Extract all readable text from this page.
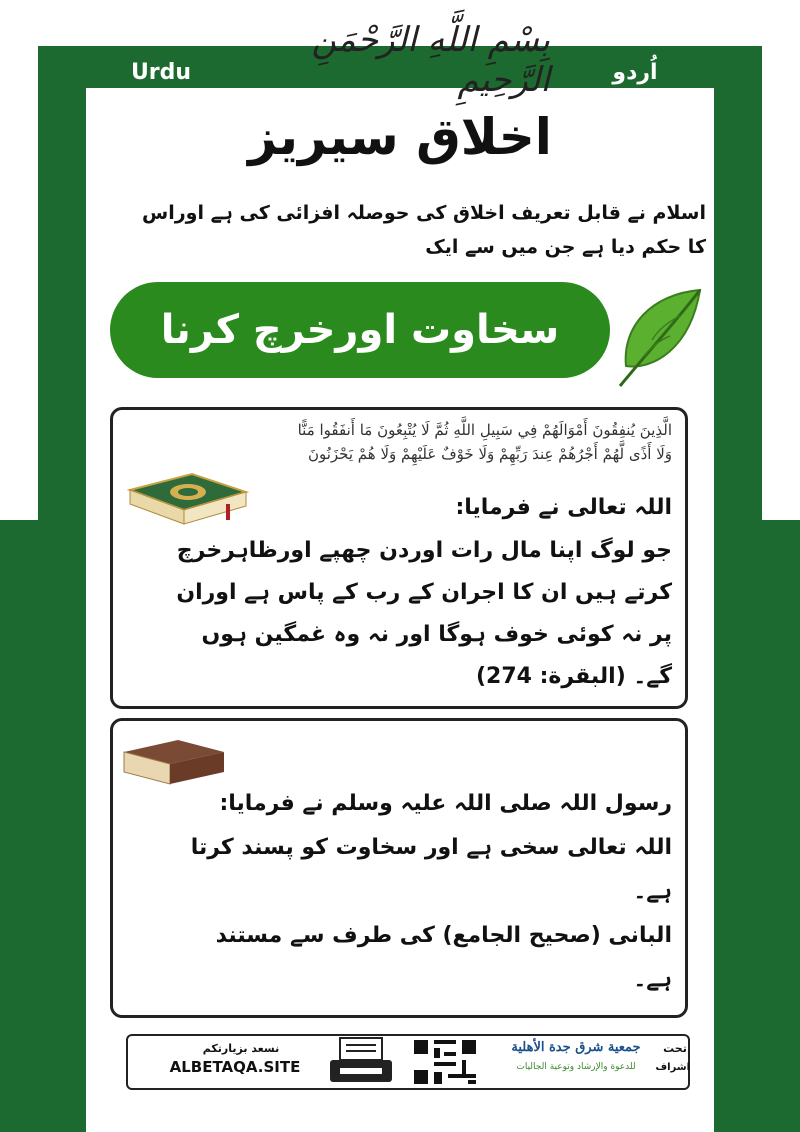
Urdu	اُردو
بِسْمِ اللَّهِ الرَّحْمَنِ الرَّحِيمِ
اخلاق سیریز
اسلام نے قابل تعریف اخلاق کی حوصلہ افزائی کی ہے اوراس
کا حکم دیا ہے جن میں سے ایک
سخاوت اورخرچ کرنا
الَّذِينَ يُنفِقُونَ أَمْوَالَهُمْ فِي سَبِيلِ اللَّهِ ثُمَّ لَا يُتْبِعُونَ مَا أَنفَقُوا مَنًّا
وَلَا أَذًى لَّهُمْ أَجْرُهُمْ عِندَ رَبِّهِمْ وَلَا خَوْفٌ عَلَيْهِمْ وَلَا هُمْ يَحْزَنُونَ
اللہ تعالی نے فرمایا:
جو لوگ اپنا مال رات اوردن چھپے اورظاہرخرچ
کرتے ہیں ان کا اجران کے رب کے پاس ہے اوران
پر نہ کوئی خوف ہوگا اور نہ وہ غمگین ہوں
گے۔ (البقرة: 274)
رسول اللہ صلی اللہ علیہ وسلم نے فرمایا:
اللہ تعالی سخی ہے اور سخاوت کو پسند کرتا
ہے۔
البانی (صحیح الجامع) کی طرف سے مستند
ہے۔
نسعد بزيارتكم
ALBETAQA.SITE
جمعية شرق جدة الأهلية
للدعوة والإرشاد وتوعية الجاليات
تحت
اشراف
